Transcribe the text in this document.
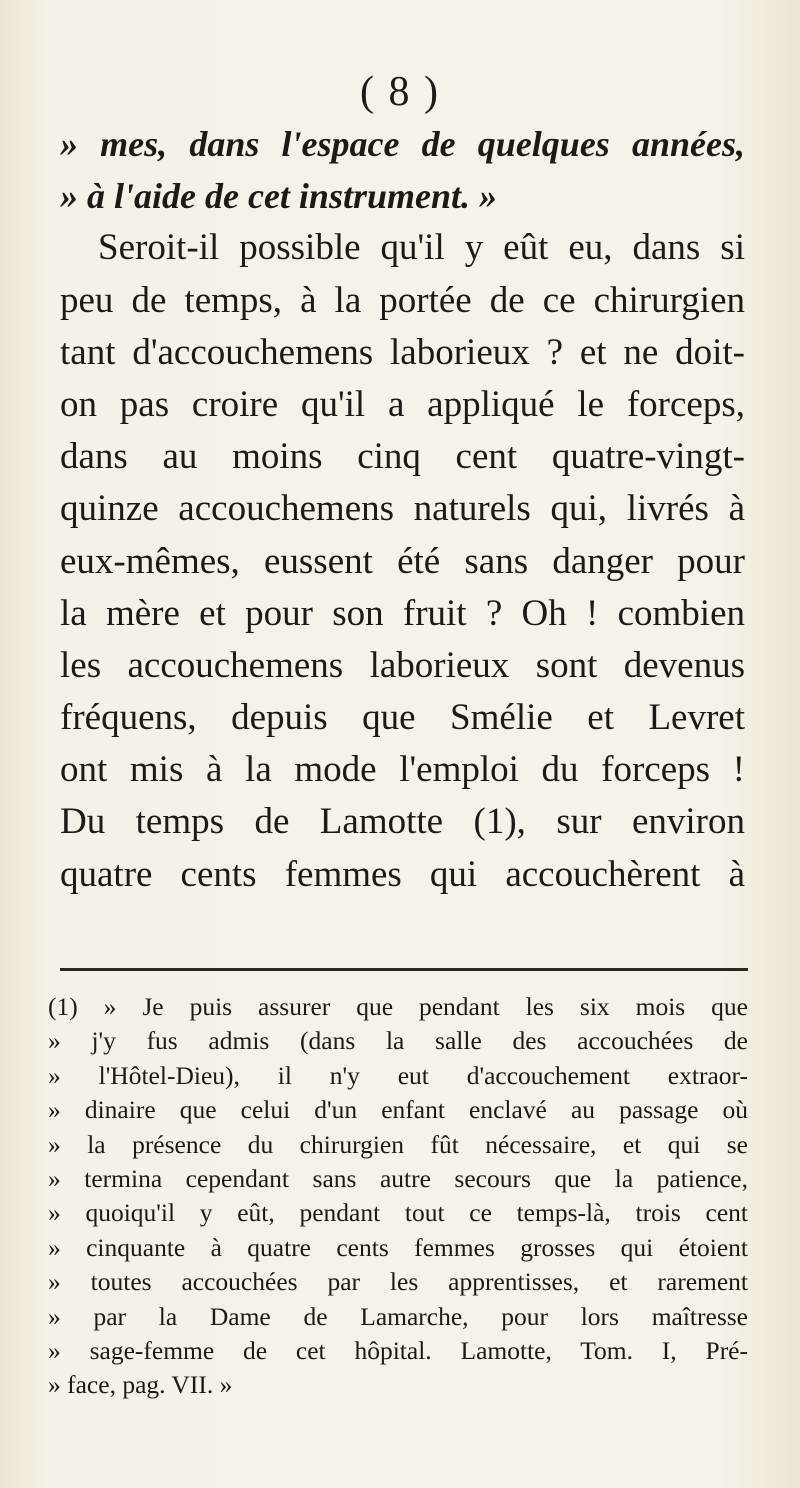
( 8 )
» mes, dans l'espace de quelques années,
» à l'aide de cet instrument. »
Seroit-il possible qu'il y eût eu, dans si
peu de temps, à la portée de ce chirurgien
tant d'accouchemens laborieux ? et ne doit-
on pas croire qu'il a appliqué le forceps,
dans au moins cinq cent quatre-vingt-
quinze accouchemens naturels qui, livrés à
eux-mêmes, eussent été sans danger pour
la mère et pour son fruit ? Oh ! combien
les accouchemens laborieux sont devenus
fréquens, depuis que Smélie et Levret
ont mis à la mode l'emploi du forceps !
Du temps de Lamotte (1), sur environ
quatre cents femmes qui accouchèrent à
(1) » Je puis assurer que pendant les six mois que
» j'y fus admis (dans la salle des accouchées de
» l'Hôtel-Dieu), il n'y eut d'accouchement extraor-
» dinaire que celui d'un enfant enclavé au passage où
» la présence du chirurgien fût nécessaire, et qui se
» termina cependant sans autre secours que la patience,
» quoiqu'il y eût, pendant tout ce temps-là, trois cent
» cinquante à quatre cents femmes grosses qui étoient
» toutes accouchées par les apprentisses, et rarement
» par la Dame de Lamarche, pour lors maîtresse
» sage-femme de cet hôpital. Lamotte, Tom. I, Pré-
» face, pag. VII. »
